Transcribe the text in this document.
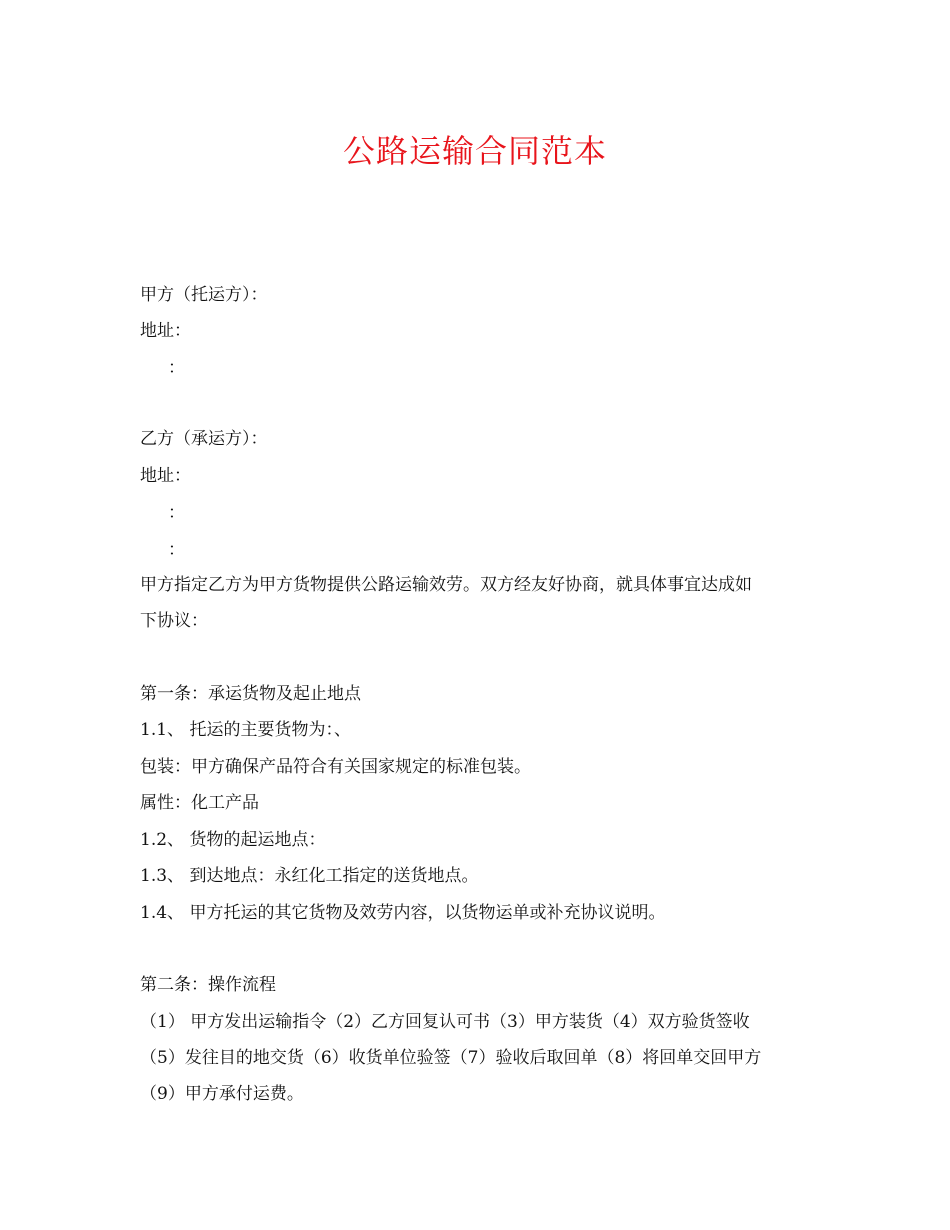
公路运输合同范本
甲方（托运方）：
地址：
：
乙方（承运方）：
地址：
：
：
甲方指定乙方为甲方货物提供公路运输效劳。双方经友好协商，就具体事宜达成如
下协议：
第一条：承运货物及起止地点
1.1、 托运的主要货物为：、
包装：甲方确保产品符合有关国家规定的标准包装。
属性：化工产品
1.2、 货物的起运地点：
1.3、 到达地点：永红化工指定的送货地点。
1.4、 甲方托运的其它货物及效劳内容，以货物运单或补充协议说明。
第二条：操作流程
（1） 甲方发出运输指令（2）乙方回复认可书（3）甲方装货（4）双方验货签收
（5）发往目的地交货（6）收货单位验签（7）验收后取回单（8）将回单交回甲方
（9）甲方承付运费。
